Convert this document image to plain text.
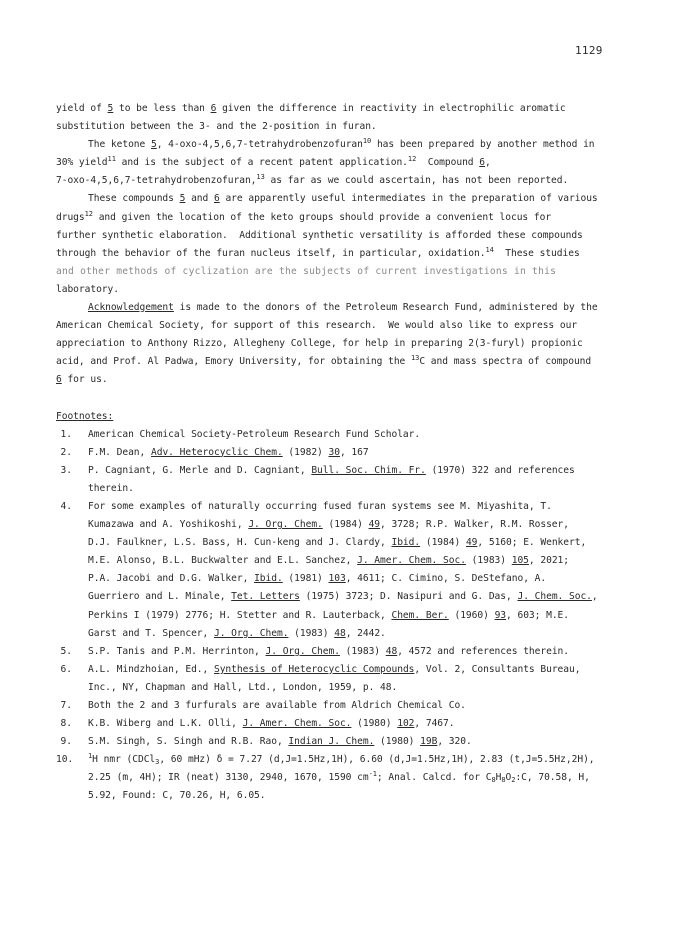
1129
yield of 5 to be less than 6 given the difference in reactivity in electrophilic aromatic
substitution between the 3- and the 2-position in furan.
The ketone 5, 4-oxo-4,5,6,7-tetrahydrobenzofuran$^{10}$ has been prepared by another method in
30% yield$^{11}$ and is the subject of a recent patent application.$^{12}$  Compound 6,
7-oxo-4,5,6,7-tetrahydrobenzofuran,$^{13}$ as far as we could ascertain, has not been reported.
These compounds 5 and 6 are apparently useful intermediates in the preparation of various
drugs$^{12}$ and given the location of the keto groups should provide a convenient locus for
further synthetic elaboration.  Additional synthetic versatility is afforded these compounds
through the behavior of the furan nucleus itself, in particular, oxidation.$^{14}$  These studies
and other methods of cyclization are the subjects of current investigations in this
laboratory.
Acknowledgement is made to the donors of the Petroleum Research Fund, administered by the
American Chemical Society, for support of this research.  We would also like to express our
appreciation to Anthony Rizzo, Allegheny College, for help in preparing 2(3-furyl) propionic
acid, and Prof. Al Padwa, Emory University, for obtaining the $^{13}$C and mass spectra of compound
6 for us.
Footnotes:
1. American Chemical Society-Petroleum Research Fund Scholar.
2. F.M. Dean, Adv. Heterocyclic Chem. (1982) 30, 167
3. P. Cagniant, G. Merle and D. Cagniant, Bull. Soc. Chim. Fr. (1970) 322 and references
therein.
4. For some examples of naturally occurring fused furan systems see M. Miyashita, T.
Kumazawa and A. Yoshikoshi, J. Org. Chem. (1984) 49, 3728; R.P. Walker, R.M. Rosser,
D.J. Faulkner, L.S. Bass, H. Cun-keng and J. Clardy, Ibid. (1984) 49, 5160; E. Wenkert,
M.E. Alonso, B.L. Buckwalter and E.L. Sanchez, J. Amer. Chem. Soc. (1983) 105, 2021;
P.A. Jacobi and D.G. Walker, Ibid. (1981) 103, 4611; C. Cimino, S. DeStefano, A.
Guerriero and L. Minale, Tet. Letters (1975) 3723; D. Nasipuri and G. Das, J. Chem. Soc.,
Perkins I (1979) 2776; H. Stetter and R. Lauterback, Chem. Ber. (1960) 93, 603; M.E.
Garst and T. Spencer, J. Org. Chem. (1983) 48, 2442.
5. S.P. Tanis and P.M. Herrinton, J. Org. Chem. (1983) 48, 4572 and references therein.
6. A.L. Mindzhoian, Ed., Synthesis of Heterocyclic Compounds, Vol. 2, Consultants Bureau,
Inc., NY, Chapman and Hall, Ltd., London, 1959, p. 48.
7. Both the 2 and 3 furfurals are available from Aldrich Chemical Co.
8. K.B. Wiberg and L.K. Olli, J. Amer. Chem. Soc. (1980) 102, 7467.
9. S.M. Singh, S. Singh and R.B. Rao, Indian J. Chem. (1980) 19B, 320.
10. $^1$H nmr (CDCl$_3$, 60 mHz) δ = 7.27 (d,J=1.5Hz,1H), 6.60 (d,J=1.5Hz,1H), 2.83 (t,J=5.5Hz,2H),
2.25 (m, 4H); IR (neat) 3130, 2940, 1670, 1590 $cm^{-1}$; Anal. Calcd. for $C_8H_8O_2:C$, 70.58, H,
5.92, Found: C, 70.26, H, 6.05.
